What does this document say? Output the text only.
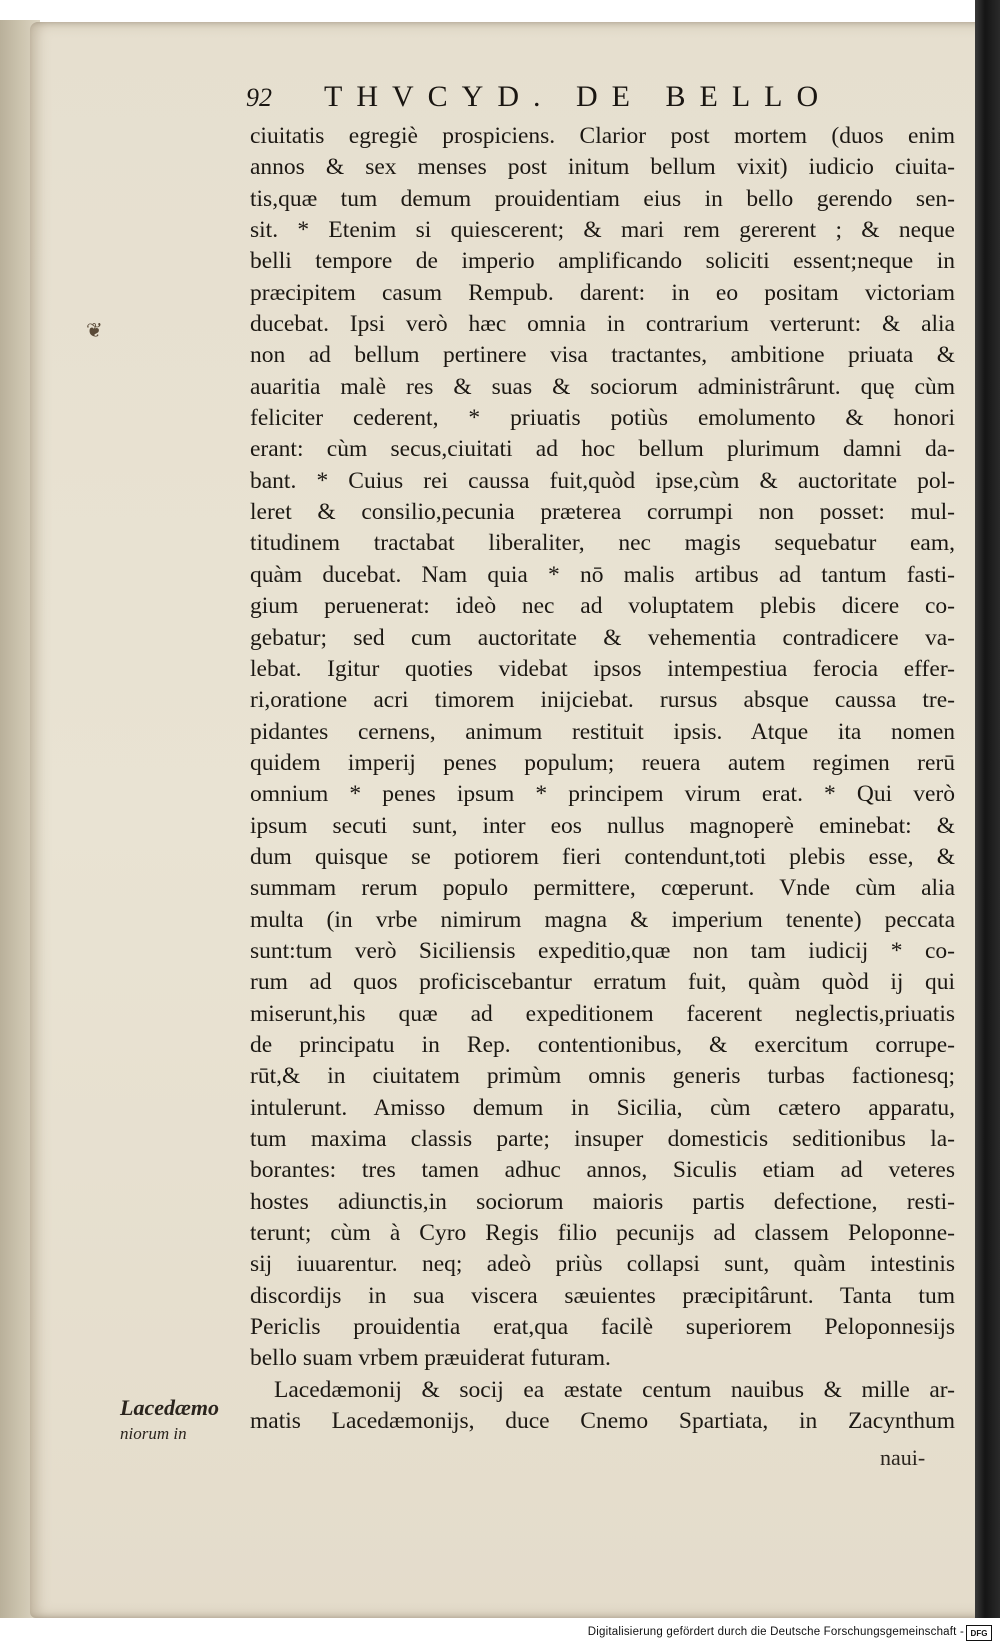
92 THVCYD. DE BELLO
❦
ciuitatis egregiè prospiciens. Clarior post mortem (duos enim
annos & sex menses post initum bellum vixit) iudicio ciuita-
tis,quæ tum demum prouidentiam eius in bello gerendo sen-
sit. * Etenim si quiescerent; & mari rem gererent ; & neque
belli tempore de imperio amplificando soliciti essent;neque in
præcipitem casum Rempub. darent: in eo positam victoriam
ducebat. Ipsi verò hæc omnia in contrarium verterunt: & alia
non ad bellum pertinere visa tractantes, ambitione priuata &
auaritia malè res & suas & sociorum administrârunt. quę cùm
feliciter cederent, * priuatis potiùs emolumento & honori
erant: cùm secus,ciuitati ad hoc bellum plurimum damni da-
bant. * Cuius rei caussa fuit,quòd ipse,cùm & auctoritate pol-
leret & consilio,pecunia præterea corrumpi non posset: mul-
titudinem tractabat liberaliter, nec magis sequebatur eam,
quàm ducebat. Nam quia * nō malis artibus ad tantum fasti-
gium peruenerat: ideò nec ad voluptatem plebis dicere co-
gebatur; sed cum auctoritate & vehementia contradicere va-
lebat. Igitur quoties videbat ipsos intempestiua ferocia effer-
ri,oratione acri timorem inijciebat. rursus absque caussa tre-
pidantes cernens, animum restituit ipsis. Atque ita nomen
quidem imperij penes populum; reuera autem regimen rerū
omnium * penes ipsum * principem virum erat. * Qui verò
ipsum secuti sunt, inter eos nullus magnoperè eminebat: &
dum quisque se potiorem fieri contendunt,toti plebis esse, &
summam rerum populo permittere, cœperunt. Vnde cùm alia
multa (in vrbe nimirum magna & imperium tenente) peccata
sunt:tum verò Siciliensis expeditio,quæ non tam iudicij * co-
rum ad quos proficiscebantur erratum fuit, quàm quòd ij qui
miserunt,his quæ ad expeditionem facerent neglectis,priuatis
de principatu in Rep. contentionibus, & exercitum corrupe-
rūt,& in ciuitatem primùm omnis generis turbas factionesq;
intulerunt. Amisso demum in Sicilia, cùm cætero apparatu,
tum maxima classis parte; insuper domesticis seditionibus la-
borantes: tres tamen adhuc annos, Siculis etiam ad veteres
hostes adiunctis,in sociorum maioris partis defectione, resti-
terunt; cùm à Cyro Regis filio pecunijs ad classem Peloponne-
sij iuuarentur. neq; adeò priùs collapsi sunt, quàm intestinis
discordijs in sua viscera sæuientes præcipitârunt. Tanta tum
Periclis prouidentia erat,qua facilè superiorem Peloponnesijs
bello suam vrbem præuiderat futuram.
Lacedæmonij & socij ea æstate centum nauibus & mille ar-
matis Lacedæmonijs, duce Cnemo Spartiata, in Zacynthum
Lacedæmo
niorum in
naui-
Digitalisierung gefördert durch die Deutsche Forschungsgemeinschaft - DFG
